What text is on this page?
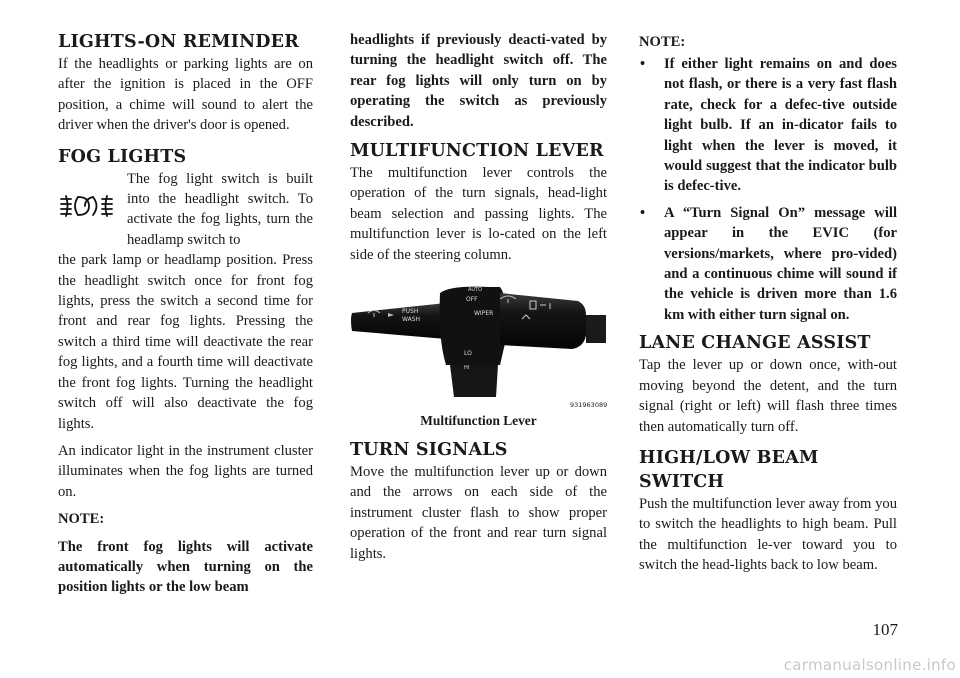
LIGHTS-ON REMINDER

If the headlights or parking lights are on after the ignition is placed in the OFF position, a chime will sound to alert the driver when the driver's door is opened.

FOG LIGHTS

The fog light switch is built into the headlight switch. To activate the fog lights, turn the headlamp switch to

the park lamp or headlamp position. Press the headlight switch once for front fog lights, press the switch a second time for front and rear fog lights. Pressing the switch a third time will deactivate the rear fog lights, and a fourth time will deactivate the front fog lights. Turning the headlight switch off will also deactivate the fog lights.

An indicator light in the instrument cluster illuminates when the fog lights are turned on.

NOTE:

The front fog lights will activate automatically when turning on the position lights or the low beam

headlights if previously deacti-vated by turning the headlight switch off. The rear fog lights will only turn on by operating the switch as previously described.

MULTIFUNCTION LEVER

The multifunction lever controls the operation of the turn signals, head-light beam selection and passing lights. The multifunction lever is lo-cated on the left side of the steering column.

PUSH
WASH
AUTO
OFF
WIPER
LO
HI
931963089
Multifunction Lever
TURN SIGNALS

Move the multifunction lever up or down and the arrows on each side of the instrument cluster flash to show proper operation of the front and rear turn signal lights.

NOTE:

• If either light remains on and does not flash, or there is a very fast flash rate, check for a defec-tive outside light bulb. If an in-dicator fails to light when the lever is moved, it would suggest that the indicator bulb is defec-tive.
• A “Turn Signal On” message will appear in the EVIC (for versions/markets, where pro-vided) and a continuous chime will sound if the vehicle is driven more than 1.6 km with either turn signal on.
LANE CHANGE ASSIST

Tap the lever up or down once, with-out moving beyond the detent, and the turn signal (right or left) will flash three times then automatically turn off.

HIGH/LOW BEAM SWITCH

Push the multifunction lever away from you to switch the headlights to high beam. Pull the multifunction le-ver toward you to switch the head-lights back to low beam.

107
carmanualsonline.info
